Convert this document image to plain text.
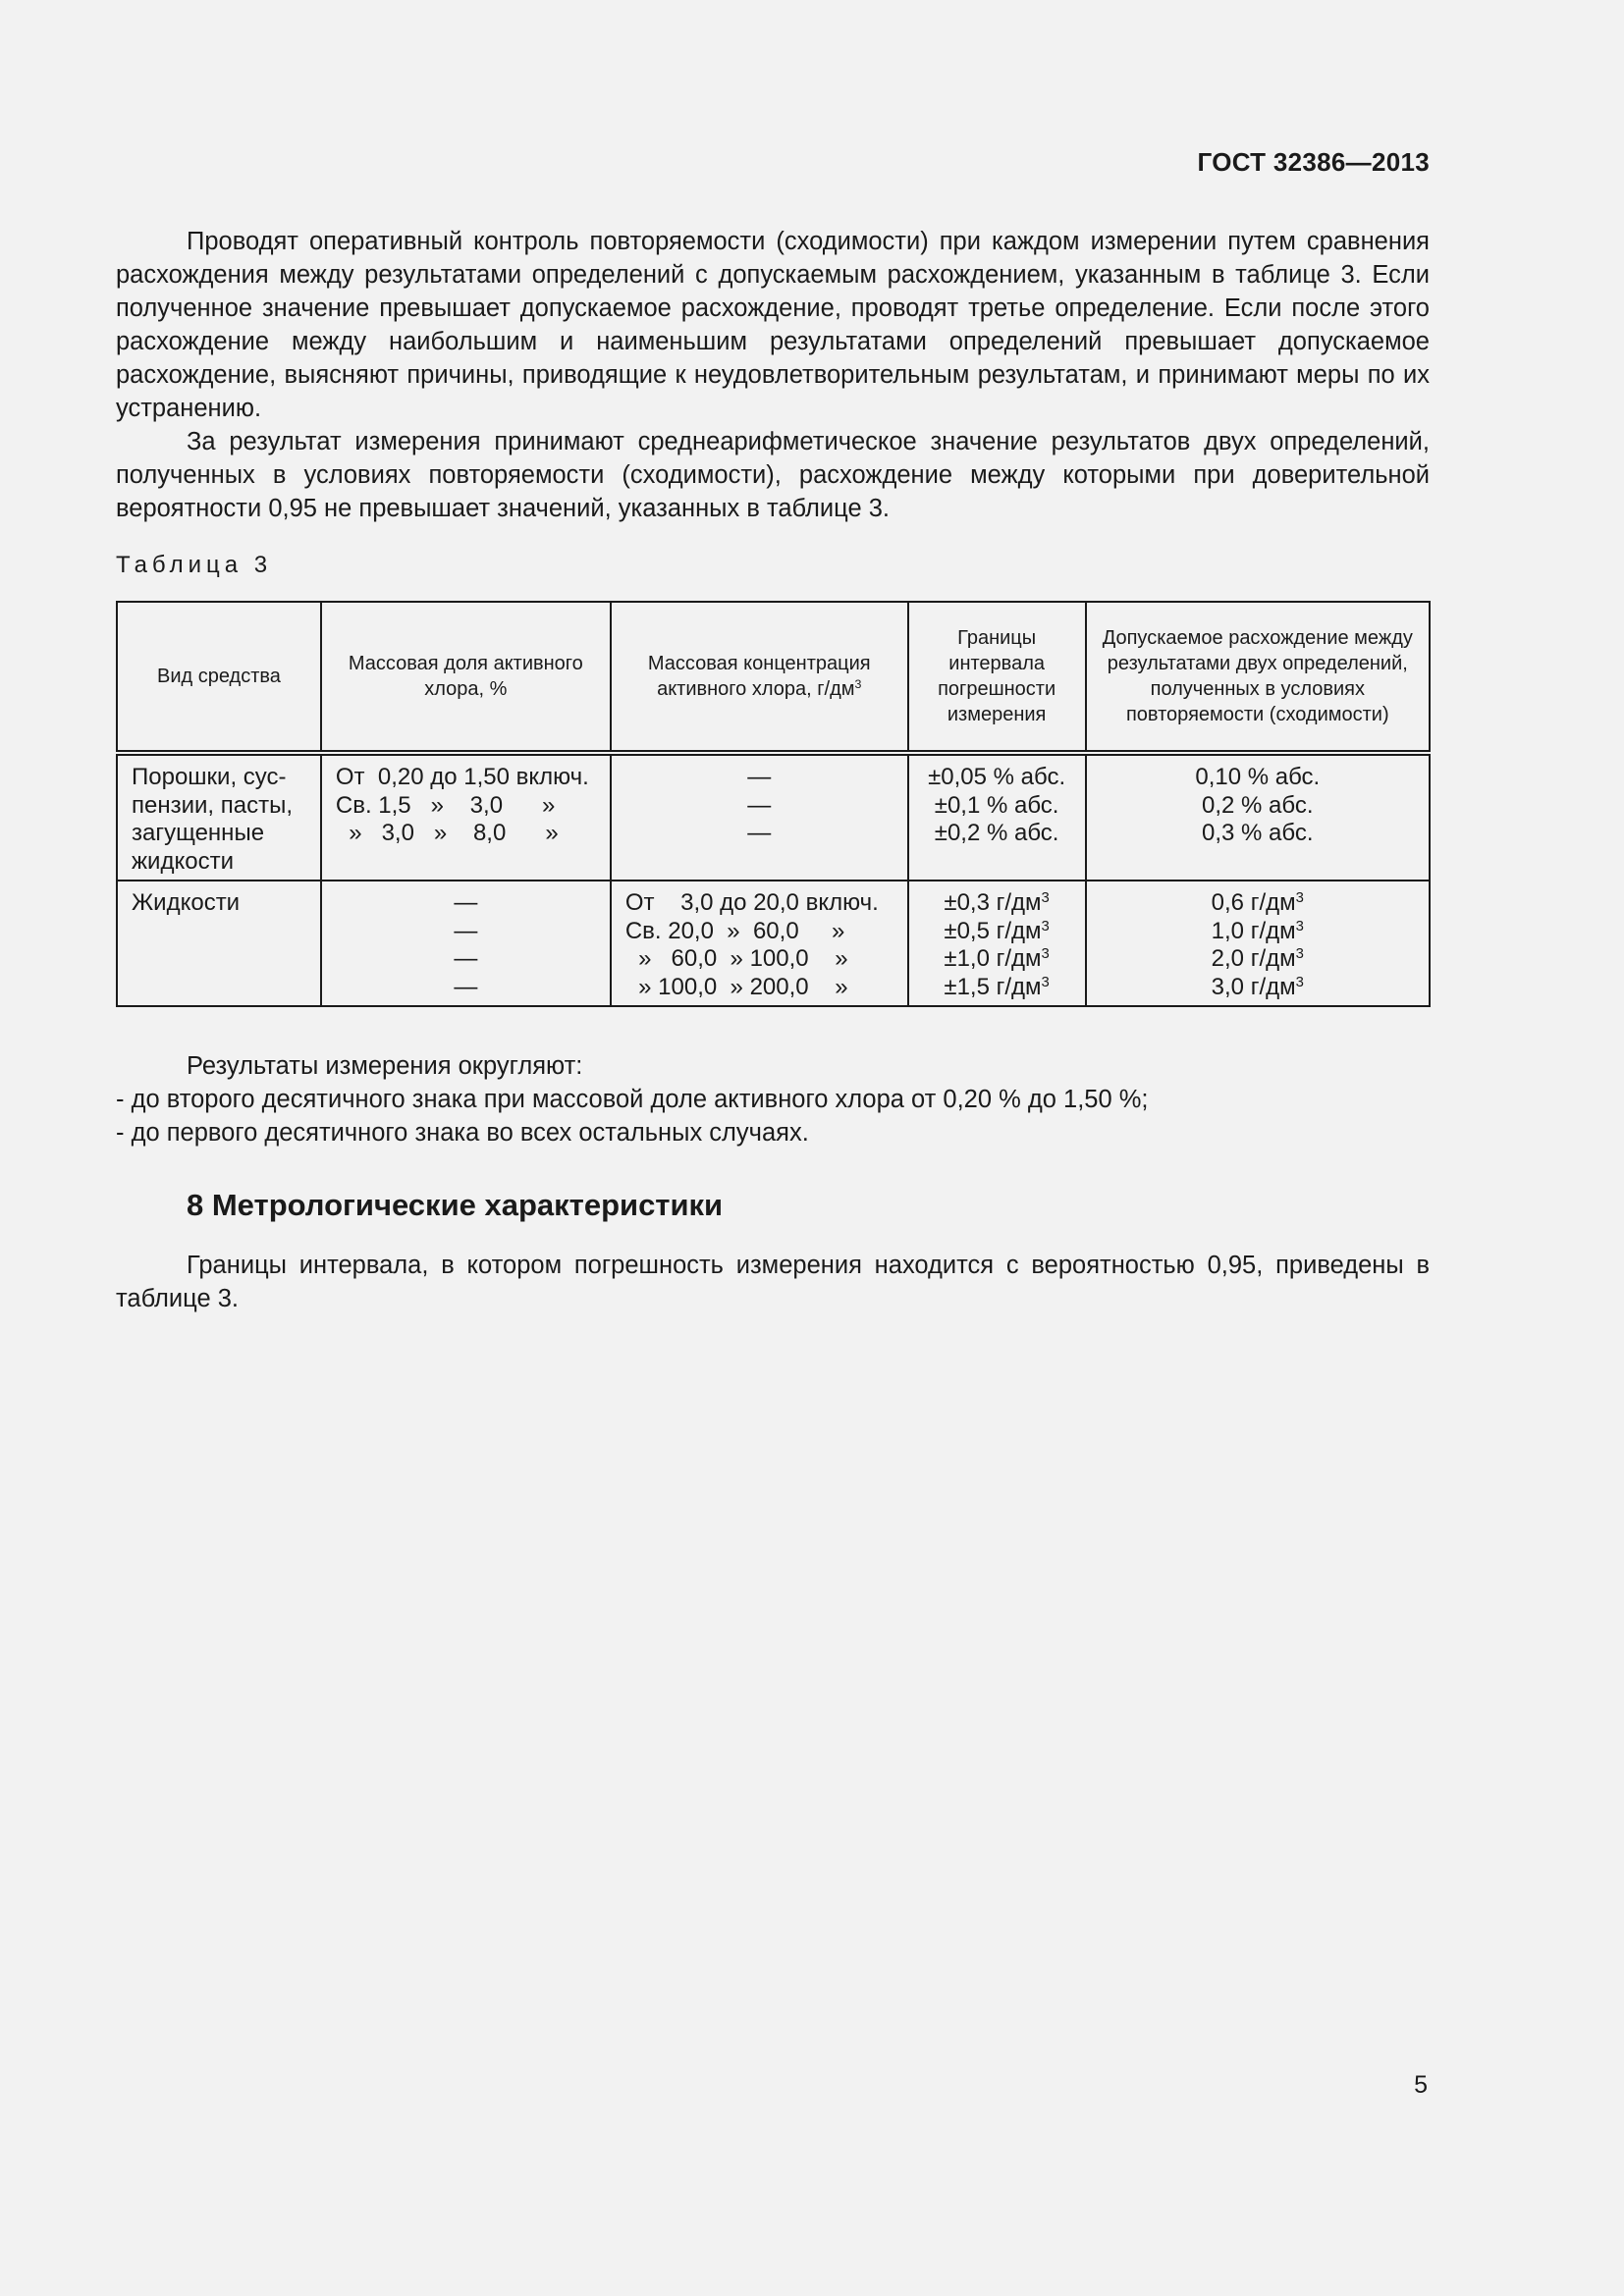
ГОСТ 32386—2013

Проводят оперативный контроль повторяемости (сходимости) при каждом измерении путем сравнения расхождения между результатами определений с допускаемым расхождением, указанным в таблице 3. Если полученное значение превышает допускаемое расхождение, проводят третье определение. Если после этого расхождение между наибольшим и наименьшим результатами определений превышает допускаемое расхождение, выясняют причины, приводящие к неудовлетворительным результатам, и принимают меры по их устранению.

За результат измерения принимают среднеарифметическое значение результатов двух определений, полученных в условиях повторяемости (сходимости), расхождение между которыми при доверительной вероятности 0,95 не превышает значений, указанных в таблице 3.

Таблица 3
Вид средства	Массовая доля активного хлора, %	Массовая концентрация активного хлора, $г/дм^3$	Границы интервала погрешности измерения	Допускаемое расхождение между результатами двух определений, полученных в условиях повторяемости (сходимости)

Порошки, сус-
пензии, пасты,
загущенные
жидкости	От  0,20 до 1,50 включ.
Св. 1,5   »    3,0      »
»   3,0   »    8,0      »	—
—
—	±0,05 % абс.
±0,1 % абс.
±0,2 % абс.	0,10 % абс.
0,2 % абс.
0,3 % абс.

Жидкости	—
—
—
—	От    3,0 до 20,0 включ.
Св. 20,0  »  60,0     »
»   60,0  » 100,0    »
» 100,0  » 200,0    »	±0,3 $г/дм^3$
±0,5 $г/дм^3$
±1,0 $г/дм^3$
±1,5 $г/дм^3$	0,6 $г/дм^3$
1,0 $г/дм^3$
2,0 $г/дм^3$
3,0 $г/дм^3$

Результаты измерения округляют:

- до второго десятичного знака при массовой доле активного хлора от 0,20 % до 1,50 %;

- до первого десятичного знака во всех остальных случаях.

8 Метрологические характеристики

Границы интервала, в котором погрешность измерения находится с вероятностью 0,95, приведены в таблице 3.

5
